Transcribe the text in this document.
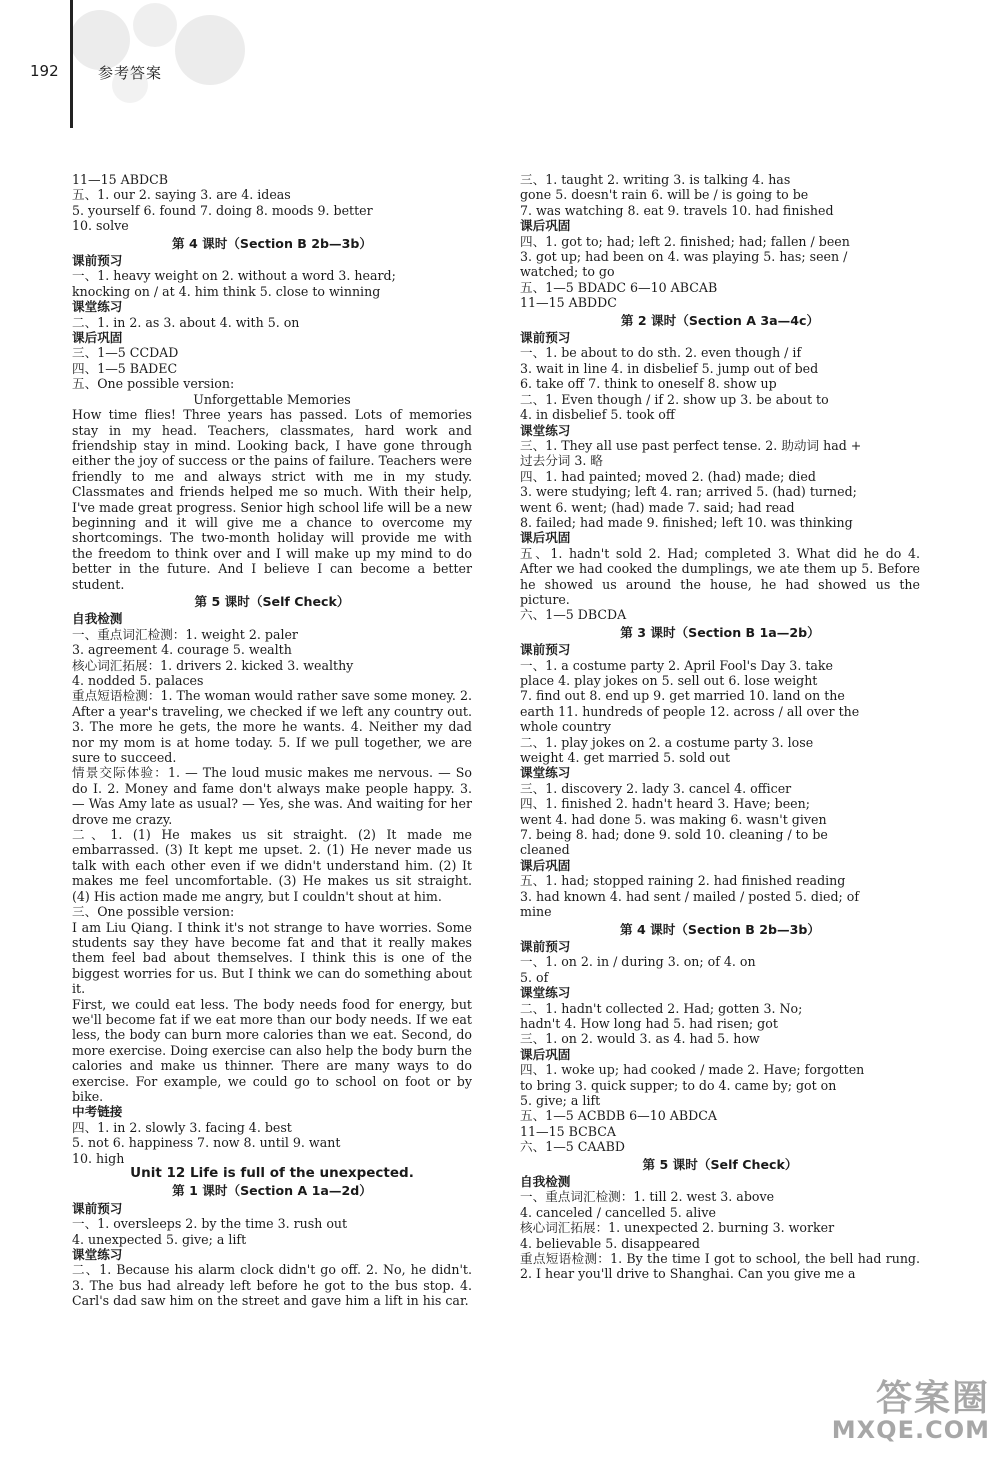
192	参考答案
11—15 ABDCB
五、1. our 2. saying 3. are 4. ideas
5. yourself 6. found 7. doing 8. moods 9. better
10. solve
第 4 课时（Section B 2b—3b）
课前预习
一、1. heavy weight on 2. without a word 3. heard;
knocking on / at 4. him think 5. close to winning
课堂练习
二、1. in 2. as 3. about 4. with 5. on
课后巩固
三、1—5 CCDAD
四、1—5 BADEC
五、One possible version:
Unforgettable Memories
How time flies! Three years has passed. Lots of memories stay in my head. Teachers, classmates, hard work and friendship stay in mind. Looking back, I have gone through either the joy of success or the pains of failure. Teachers were friendly to me and always strict with me in my study. Classmates and friends helped me so much. With their help, I've made great progress. Senior high school life will be a new beginning and it will give me a chance to overcome my shortcomings. The two-month holiday will provide me with the freedom to think over and I will make up my mind to do better in the future. And I believe I can become a better student.
第 5 课时（Self Check）
自我检测
一、重点词汇检测：1. weight 2. paler
3. agreement 4. courage 5. wealth
核心词汇拓展：1. drivers 2. kicked 3. wealthy
4. nodded 5. palaces
重点短语检测：1. The woman would rather save some money. 2. After a year's traveling, we checked if we left any country out. 3. The more he gets, the more he wants. 4. Neither my dad nor my mom is at home today. 5. If we pull together, we are sure to succeed.
情景交际体验：1. — The loud music makes me nervous. — So do I. 2. Money and fame don't always make people happy. 3. — Was Amy late as usual? — Yes, she was. And waiting for her drove me crazy.
二、1. (1) He makes us sit straight. (2) It made me embarrassed. (3) It kept me upset. 2. (1) He never made us talk with each other even if we didn't understand him. (2) It makes me feel uncomfortable. (3) He makes us sit straight. (4) His action made me angry, but I couldn't shout at him.
三、One possible version:
I am Liu Qiang. I think it's not strange to have worries. Some students say they have become fat and that it really makes them feel bad about themselves. I think this is one of the biggest worries for us. But I think we can do something about it.
First, we could eat less. The body needs food for energy, but we'll become fat if we eat more than our body needs. If we eat less, the body can burn more calories than we eat. Second, do more exercise. Doing exercise can also help the body burn the calories and make us thinner. There are many ways to do exercise. For example, we could go to school on foot or by bike.
中考链接
四、1. in 2. slowly 3. facing 4. best
5. not 6. happiness 7. now 8. until 9. want
10. high
Unit 12 Life is full of the unexpected.
第 1 课时（Section A 1a—2d）
课前预习
一、1. oversleeps 2. by the time 3. rush out
4. unexpected 5. give; a lift
课堂练习
二、1. Because his alarm clock didn't go off. 2. No, he didn't. 3. The bus had already left before he got to the bus stop. 4. Carl's dad saw him on the street and gave him a lift in his car.
三、1. taught 2. writing 3. is talking 4. has
gone 5. doesn't rain 6. will be / is going to be
7. was watching 8. eat 9. travels 10. had finished
课后巩固
四、1. got to; had; left 2. finished; had; fallen / been
3. got up; had been on 4. was playing 5. has; seen /
watched; to go
五、1—5 BDADC 6—10 ABCAB
11—15 ABDDC
第 2 课时（Section A 3a—4c）
课前预习
一、1. be about to do sth. 2. even though / if
3. wait in line 4. in disbelief 5. jump out of bed
6. take off 7. think to oneself 8. show up
二、1. Even though / if 2. show up 3. be about to
4. in disbelief 5. took off
课堂练习
三、1. They all use past perfect tense. 2. 助动词 had +
过去分词 3. 略
四、1. had painted; moved 2. (had) made; died
3. were studying; left 4. ran; arrived 5. (had) turned;
went 6. went; (had) made 7. said; had read
8. failed; had made 9. finished; left 10. was thinking
课后巩固
五、1. hadn't sold 2. Had; completed 3. What did he do 4. After we had cooked the dumplings, we ate them up 5. Before he showed us around the house, he had showed us the picture.
六、1—5 DBCDA
第 3 课时（Section B 1a—2b）
课前预习
一、1. a costume party 2. April Fool's Day 3. take
place 4. play jokes on 5. sell out 6. lose weight
7. find out 8. end up 9. get married 10. land on the
earth 11. hundreds of people 12. across / all over the
whole country
二、1. play jokes on 2. a costume party 3. lose
weight 4. get married 5. sold out
课堂练习
三、1. discovery 2. lady 3. cancel 4. officer
四、1. finished 2. hadn't heard 3. Have; been;
went 4. had done 5. was making 6. wasn't given
7. being 8. had; done 9. sold 10. cleaning / to be
cleaned
课后巩固
五、1. had; stopped raining 2. had finished reading
3. had known 4. had sent / mailed / posted 5. died; of
mine
第 4 课时（Section B 2b—3b）
课前预习
一、1. on 2. in / during 3. on; of 4. on
5. of
课堂练习
二、1. hadn't collected 2. Had; gotten 3. No;
hadn't 4. How long had 5. had risen; got
三、1. on 2. would 3. as 4. had 5. how
课后巩固
四、1. woke up; had cooked / made 2. Have; forgotten
to bring 3. quick supper; to do 4. came by; got on
5. give; a lift
五、1—5 ACBDB 6—10 ABDCA
11—15 BCBCA
六、1—5 CAABD
第 5 课时（Self Check）
自我检测
一、重点词汇检测：1. till 2. west 3. above
4. canceled / cancelled 5. alive
核心词汇拓展：1. unexpected 2. burning 3. worker
4. believable 5. disappeared
重点短语检测：1. By the time I got to school, the bell had rung. 2. I hear you'll drive to Shanghai. Can you give me a
答案圈
MXQE.COM
